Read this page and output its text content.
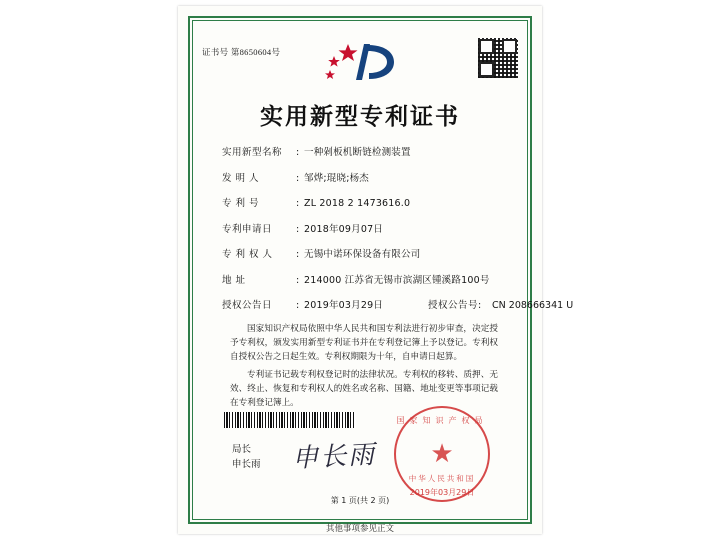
证书号 第8650604号
实用新型专利证书
实用新型名称	: 一种剁板机断链检测装置
发 明 人	: 邹烨;琨晓;杨杰
专 利 号	: ZL 2018 2 1473616.0
专利申请日	: 2018年09月07日
专 利 权 人	: 无锡中诺环保设备有限公司
地 址	: 214000 江苏省无锡市滨湖区锺溪路100号
授权公告日	: 2019年03月29日	授权公告号 :	CN 208666341 U

国家知识产权局依照中华人民共和国专利法进行初步审查，决定授予专利权，颁发实用新型专利证书并在专利登记簿上予以登记。专利权自授权公告之日起生效。专利权期限为十年，自申请日起算。

专利证书记载专利权登记时的法律状况。专利权的移转、质押、无效、终止、恢复和专利权人的姓名或名称、国籍、地址变更等事项记载在专利登记簿上。

局长
申长雨 申长雨
国家知识产权局
★
中华人民共和国
2019年03月29日
第 1 页(共 2 页)
其他事项参见正文
